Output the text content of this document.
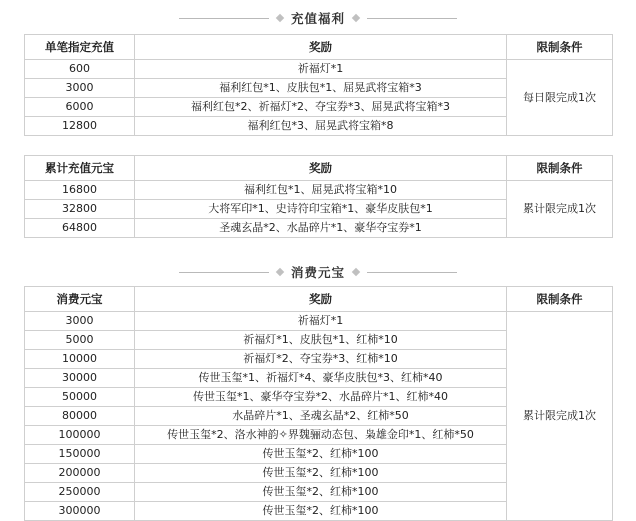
充值福利
单笔指定充值	奖励	限制条件
600	祈福灯*1	每日限完成1次
3000	福利红包*1、皮肤包*1、屈晃武将宝箱*3	
6000	福利红包*2、祈福灯*2、夺宝券*3、屈晃武将宝箱*3	
12800	福利红包*3、屈晃武将宝箱*8	
累计充值元宝	奖励	限制条件
16800	福利红包*1、屈晃武将宝箱*10	累计限完成1次
32800	大将军印*1、史诗符印宝箱*1、豪华皮肤包*1	
64800	圣魂玄晶*2、水晶碎片*1、豪华夺宝券*1	
消费元宝
消费元宝	奖励	限制条件
3000	祈福灯*1	累计限完成1次
5000	祈福灯*1、皮肤包*1、红柿*10	
10000	祈福灯*2、夺宝券*3、红柿*10	
30000	传世玉玺*1、祈福灯*4、豪华皮肤包*3、红柿*40	
50000	传世玉玺*1、豪华夺宝券*2、水晶碎片*1、红柿*40	
80000	水晶碎片*1、圣魂玄晶*2、红柿*50	
100000	传世玉玺*2、洛水神韵✧界魏骊动态包、枭雄金印*1、红柿*50	
150000	传世玉玺*2、红柿*100	
200000	传世玉玺*2、红柿*100	
250000	传世玉玺*2、红柿*100	
300000	传世玉玺*2、红柿*100	
